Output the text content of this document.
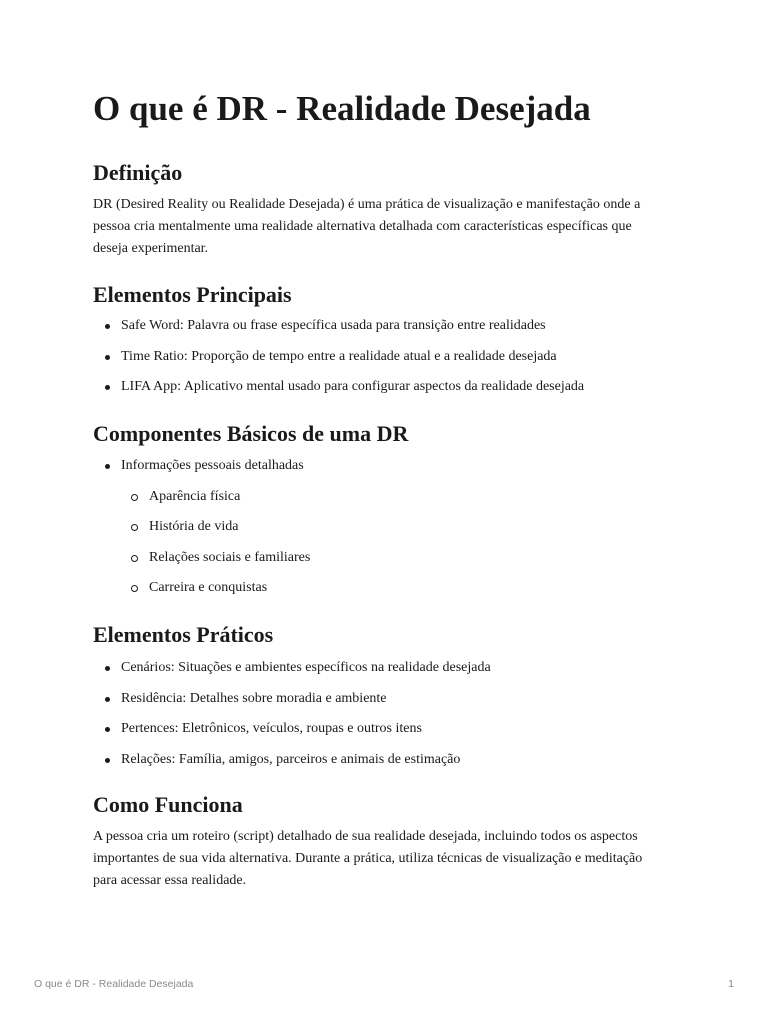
O que é DR - Realidade Desejada
Definição

DR (Desired Reality ou Realidade Desejada) é uma prática de visualização e manifestação onde a pessoa cria mentalmente uma realidade alternativa detalhada com características específicas que deseja experimentar.

Elementos Principais
Safe Word: Palavra ou frase específica usada para transição entre realidades
Time Ratio: Proporção de tempo entre a realidade atual e a realidade desejada
LIFA App: Aplicativo mental usado para configurar aspectos da realidade desejada
Componentes Básicos de uma DR
Informações pessoais detalhadas
Aparência física
História de vida
Relações sociais e familiares
Carreira e conquistas
Elementos Práticos
Cenários: Situações e ambientes específicos na realidade desejada
Residência: Detalhes sobre moradia e ambiente
Pertences: Eletrônicos, veículos, roupas e outros itens
Relações: Família, amigos, parceiros e animais de estimação
Como Funciona

A pessoa cria um roteiro (script) detalhado de sua realidade desejada, incluindo todos os aspectos importantes de sua vida alternativa. Durante a prática, utiliza técnicas de visualização e meditação para acessar essa realidade.

O que é DR - Realidade Desejada	1
